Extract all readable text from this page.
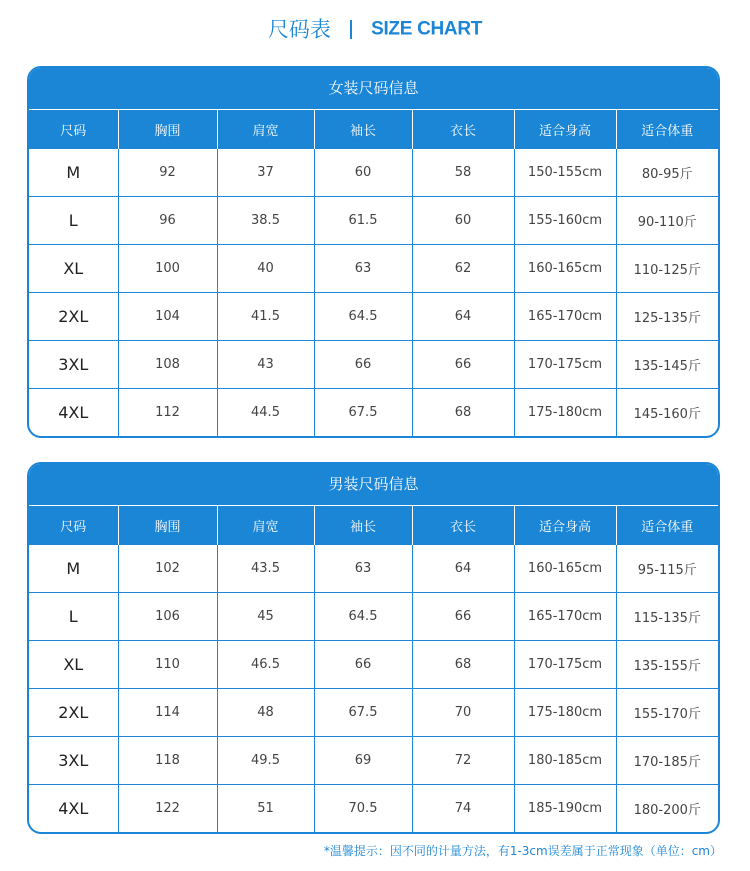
尺码表 SIZE CHART
女装尺码信息
尺码	胸围	肩宽	袖长	衣长	适合身高	适合体重
M	92	37	60	58	150-155cm	80-95斤
L	96	38.5	61.5	60	155-160cm	90-110斤
XL	100	40	63	62	160-165cm	110-125斤
2XL	104	41.5	64.5	64	165-170cm	125-135斤
3XL	108	43	66	66	170-175cm	135-145斤
4XL	112	44.5	67.5	68	175-180cm	145-160斤
男装尺码信息
尺码	胸围	肩宽	袖长	衣长	适合身高	适合体重
M	102	43.5	63	64	160-165cm	95-115斤
L	106	45	64.5	66	165-170cm	115-135斤
XL	110	46.5	66	68	170-175cm	135-155斤
2XL	114	48	67.5	70	175-180cm	155-170斤
3XL	118	49.5	69	72	180-185cm	170-185斤
4XL	122	51	70.5	74	185-190cm	180-200斤
*温馨提示：因不同的计量方法，有1-3cm误差属于正常现象（单位：cm）
